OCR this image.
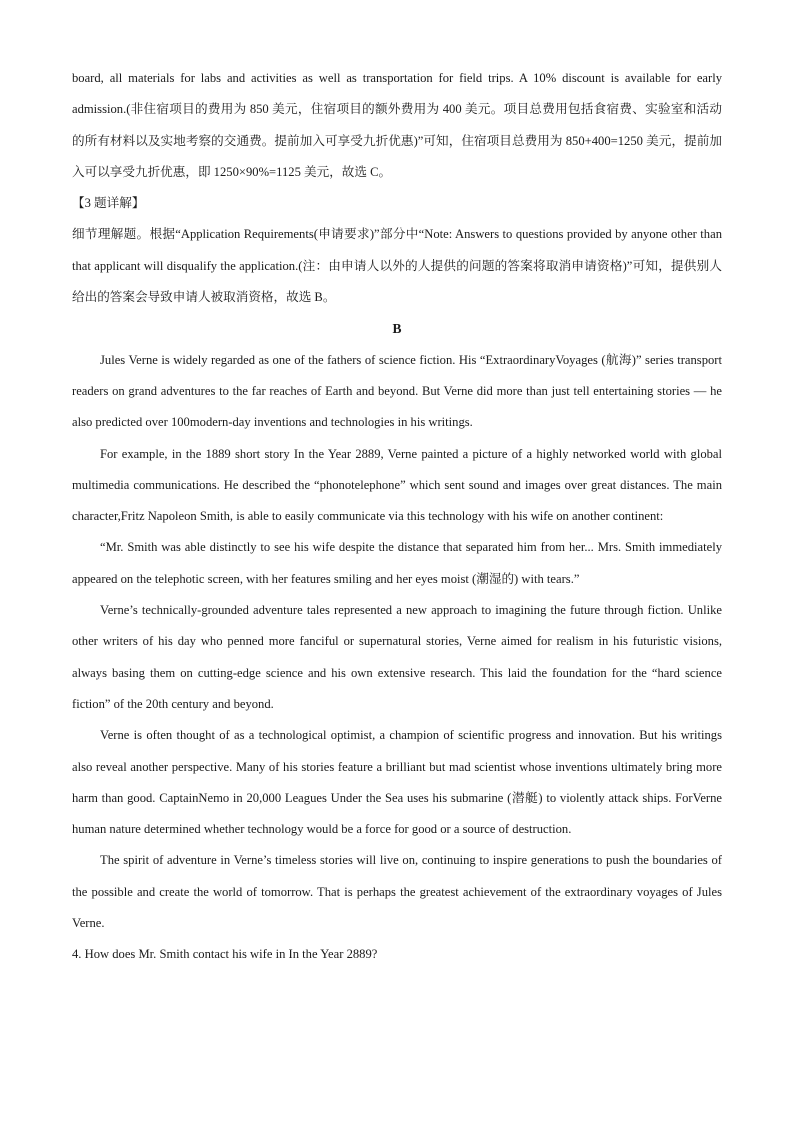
board, all materials for labs and activities as well as transportation for field trips. A 10% discount is available for early admission.(非住宿项目的费用为 850 美元，住宿项目的额外费用为 400 美元。项目总费用包括食宿费、实验室和活动的所有材料以及实地考察的交通费。提前加入可享受九折优惠)”可知，住宿项目总费用为 850+400=1250 美元，提前加入可以享受九折优惠，即 1250×90%=1125 美元，故选 C。

【3 题详解】

细节理解题。根据“Application Requirements(申请要求)”部分中“Note: Answers to questions provided by anyone other than that applicant will disqualify the application.(注：由申请人以外的人提供的问题的答案将取消申请资格)”可知，提供别人给出的答案会导致申请人被取消资格，故选 B。

B

Jules Verne is widely regarded as one of the fathers of science fiction. His “ExtraordinaryVoyages (航海)” series transport readers on grand adventures to the far reaches of Earth and beyond. But Verne did more than just tell entertaining stories — he also predicted over 100modern-day inventions and technologies in his writings.

For example, in the 1889 short story In the Year 2889, Verne painted a picture of a highly networked world with global multimedia communications. He described the “phonotelephone” which sent sound and images over great distances. The main character,Fritz Napoleon Smith, is able to easily communicate via this technology with his wife on another continent:

“Mr. Smith was able distinctly to see his wife despite the distance that separated him from her... Mrs. Smith immediately appeared on the telephotic screen, with her features smiling and her eyes moist (潮湿的) with tears.”

Verne’s technically-grounded adventure tales represented a new approach to imagining the future through fiction. Unlike other writers of his day who penned more fanciful or supernatural stories, Verne aimed for realism in his futuristic visions, always basing them on cutting-edge science and his own extensive research. This laid the foundation for the “hard science fiction” of the 20th century and beyond.

Verne is often thought of as a technological optimist, a champion of scientific progress and innovation. But his writings also reveal another perspective. Many of his stories feature a brilliant but mad scientist whose inventions ultimately bring more harm than good. CaptainNemo in 20,000 Leagues Under the Sea uses his submarine (潜艇) to violently attack ships. ForVerne human nature determined whether technology would be a force for good or a source of destruction.

The spirit of adventure in Verne’s timeless stories will live on, continuing to inspire generations to push the boundaries of the possible and create the world of tomorrow. That is perhaps the greatest achievement of the extraordinary voyages of Jules Verne.

4. How does Mr. Smith contact his wife in In the Year 2889?
